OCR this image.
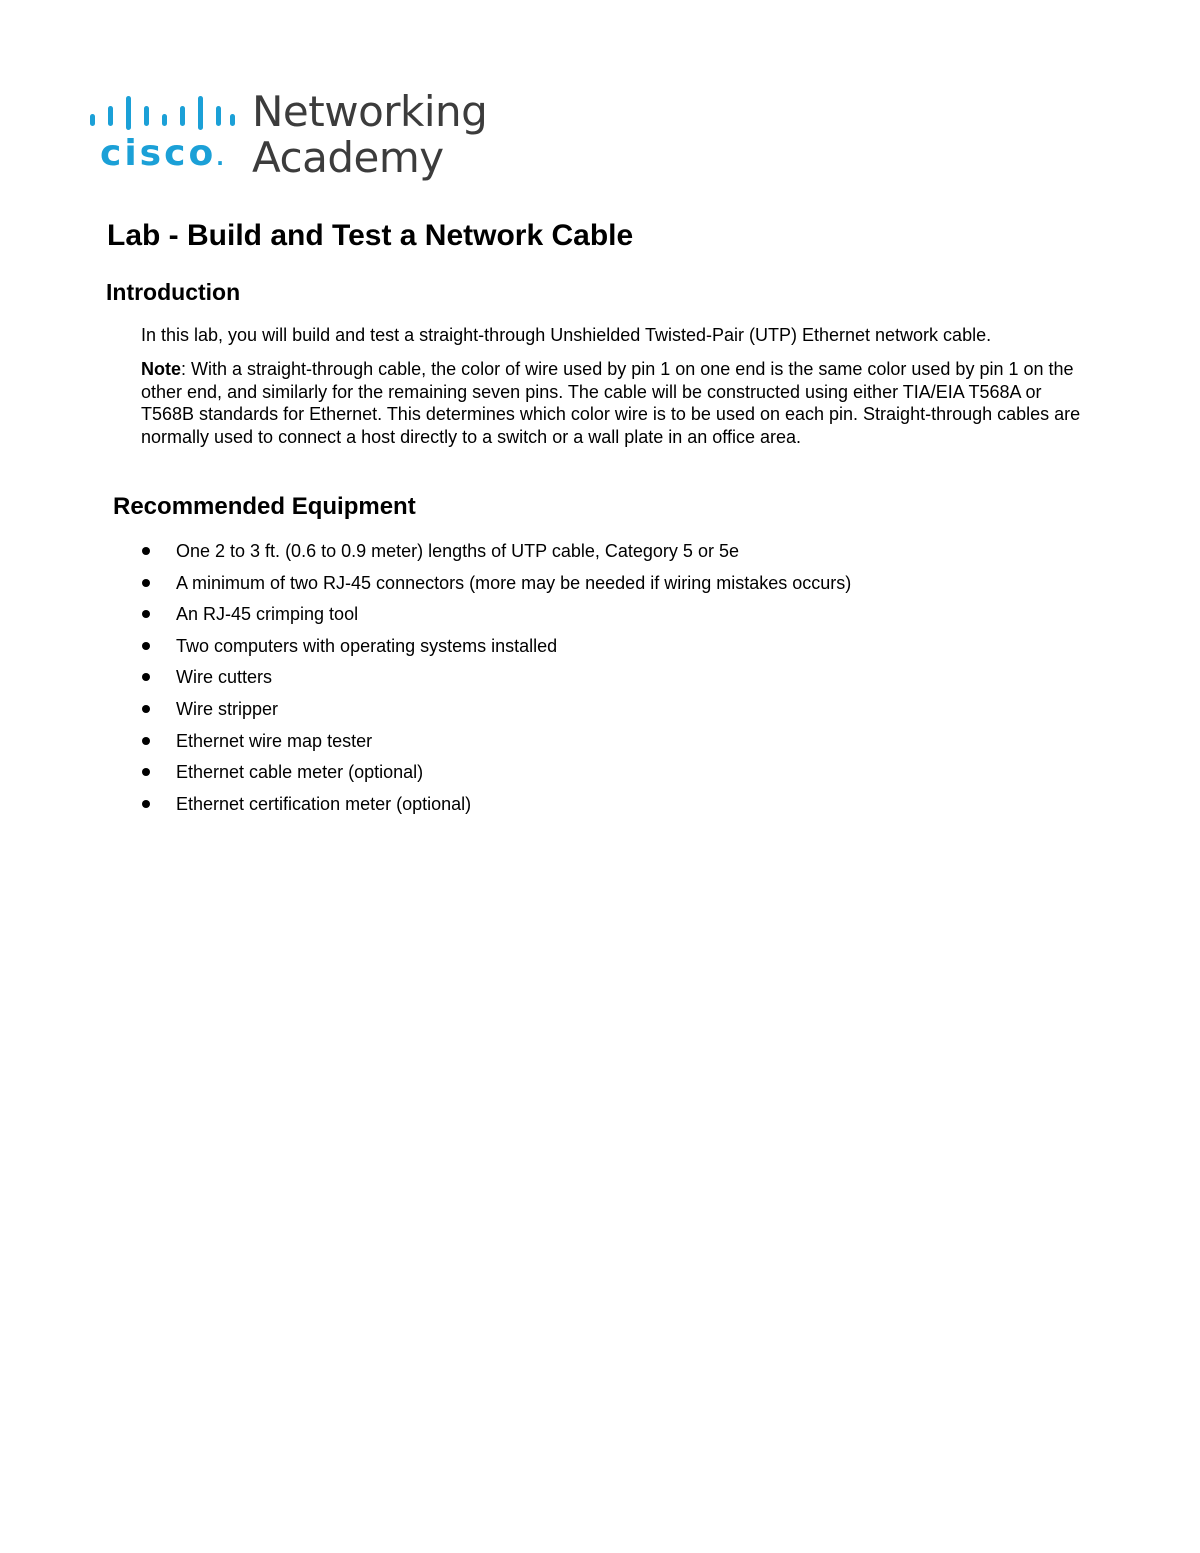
cisco.
Networking
Academy
Lab - Build and Test a Network Cable
Introduction

In this lab, you will build and test a straight-through Unshielded Twisted-Pair (UTP) Ethernet network cable.

Note: With a straight-through cable, the color of wire used by pin 1 on one end is the same color used by pin 1 on the other end, and similarly for the remaining seven pins. The cable will be constructed using either TIA/EIA T568A or T568B standards for Ethernet. This determines which color wire is to be used on each pin. Straight-through cables are normally used to connect a host directly to a switch or a wall plate in an office area.

Recommended Equipment
One 2 to 3 ft. (0.6 to 0.9 meter) lengths of UTP cable, Category 5 or 5e
A minimum of two RJ-45 connectors (more may be needed if wiring mistakes occurs)
An RJ-45 crimping tool
Two computers with operating systems installed
Wire cutters
Wire stripper
Ethernet wire map tester
Ethernet cable meter (optional)
Ethernet certification meter (optional)
